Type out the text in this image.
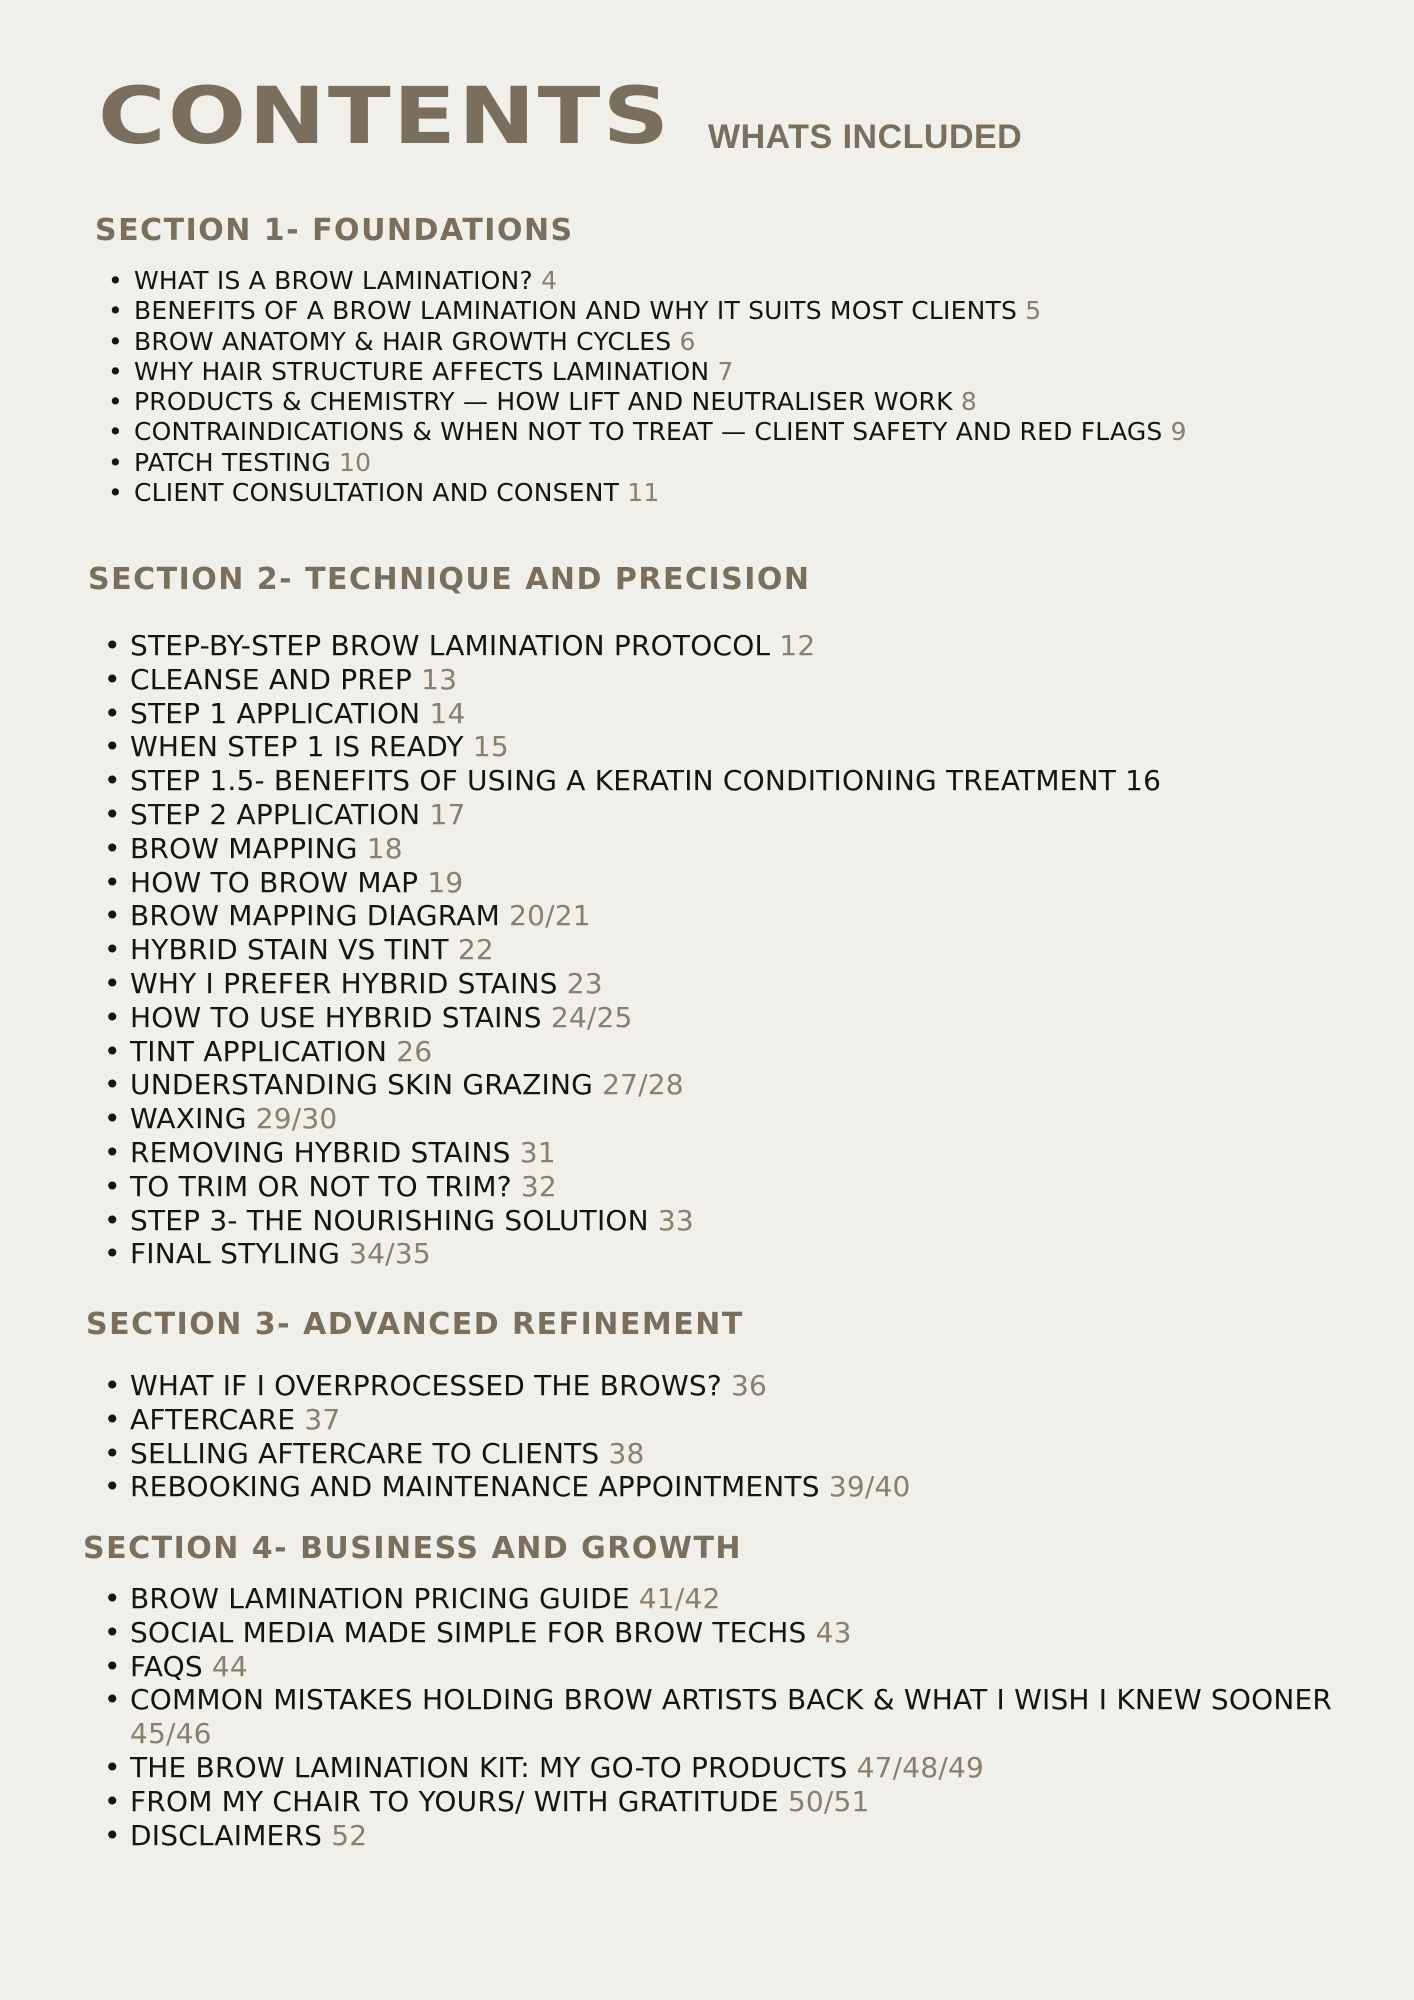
CONTENTS WHATS INCLUDED
SECTION 1- FOUNDATIONS
• WHAT IS A BROW LAMINATION? 4
• BENEFITS OF A BROW LAMINATION AND WHY IT SUITS MOST CLIENTS 5
• BROW ANATOMY & HAIR GROWTH CYCLES 6
• WHY HAIR STRUCTURE AFFECTS LAMINATION 7
• PRODUCTS & CHEMISTRY — HOW LIFT AND NEUTRALISER WORK 8
• CONTRAINDICATIONS & WHEN NOT TO TREAT — CLIENT SAFETY AND RED FLAGS 9
• PATCH TESTING 10
• CLIENT CONSULTATION AND CONSENT 11
SECTION 2- TECHNIQUE AND PRECISION
• STEP-BY-STEP BROW LAMINATION PROTOCOL 12
• CLEANSE AND PREP 13
• STEP 1 APPLICATION 14
• WHEN STEP 1 IS READY 15
• STEP 1.5- BENEFITS OF USING A KERATIN CONDITIONING TREATMENT 16
• STEP 2 APPLICATION 17
• BROW MAPPING 18
• HOW TO BROW MAP 19
• BROW MAPPING DIAGRAM 20/21
• HYBRID STAIN VS TINT 22
• WHY I PREFER HYBRID STAINS 23
• HOW TO USE HYBRID STAINS 24/25
• TINT APPLICATION 26
• UNDERSTANDING SKIN GRAZING 27/28
• WAXING 29/30
• REMOVING HYBRID STAINS 31
• TO TRIM OR NOT TO TRIM? 32
• STEP 3- THE NOURISHING SOLUTION 33
• FINAL STYLING 34/35
SECTION 3- ADVANCED REFINEMENT
• WHAT IF I OVERPROCESSED THE BROWS? 36
• AFTERCARE 37
• SELLING AFTERCARE TO CLIENTS 38
• REBOOKING AND MAINTENANCE APPOINTMENTS 39/40
SECTION 4- BUSINESS AND GROWTH
• BROW LAMINATION PRICING GUIDE 41/42
• SOCIAL MEDIA MADE SIMPLE FOR BROW TECHS 43
• FAQS 44
• COMMON MISTAKES HOLDING BROW ARTISTS BACK & WHAT I WISH I KNEW SOONER 45/46
• THE BROW LAMINATION KIT: MY GO-TO PRODUCTS 47/48/49
• FROM MY CHAIR TO YOURS/ WITH GRATITUDE 50/51
• DISCLAIMERS 52
